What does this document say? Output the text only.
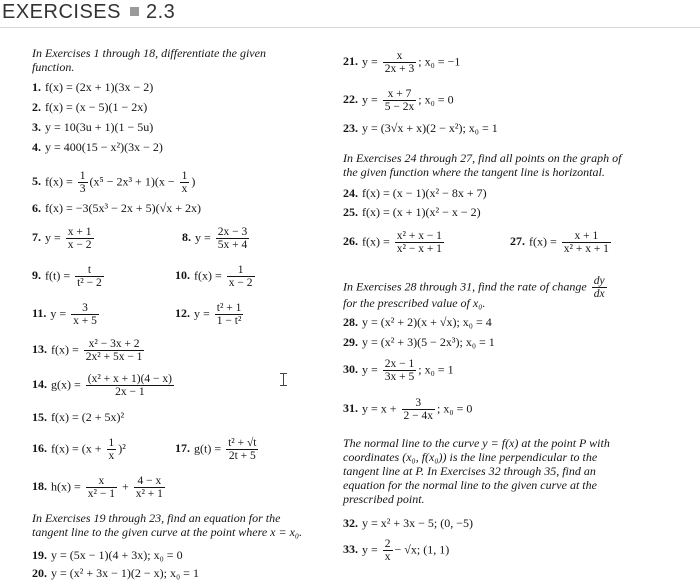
EXERCISES 2.3
In Exercises 1 through 18, differentiate the given function.
1. f(x) = (2x + 1)(3x − 2)
2. f(x) = (x − 5)(1 − 2x)
3. y = 10(3u + 1)(1 − 5u)
4. y = 400(15 − x²)(3x − 2)
5. $f(x) = \frac{1}{3} (x^5 - 2x^3 + 1)(x - \frac{1}{x}$ )
6. f(x) = −3(5x³ − 2x + 5)(√x + 2x)
7. $y = \frac{x + 1}{x - 2}$	8. $y = \frac{2x - 3}{5x + 4}$
9. $f(t) = \frac{t}{\text{t² − 2}}$	10. $f(x) = \frac{1}{x - 2}$
11. $y = \frac{3}{x + 5}$	12. $y = \frac{\text{t² + 1}}{\text{1 − t²}}$
13. $f(x) = \frac{\text{x² − 3x + 2}}{\text{2x² + 5x − 1}}$
14. $g(x) = \frac{\text{(x² + x + 1)(4 − x)}}{2x - 1}$
15. f(x) = (2 + 5x)²
16. $f(x) = (x + \frac{1}{x} )^2$	17. $g(t) = \frac{\text{t² + √t}}{2t + 5}$
18. $h(x) = \frac{x}{\text{x² − 1}} + \frac{4 - x}{\text{x² + 1}}$
In Exercises 19 through 23, find an equation for the tangent line to the given curve at the point where x = x₀.
19. y = (5x − 1)(4 + 3x); x₀ = 0
20. y = (x² + 3x − 1)(2 − x); x₀ = 1
21. $y = \frac{x}{2x + 3}$ ; x₀ = −1
22. $y = \frac{x + 7}{5 - 2x}$ ; x₀ = 0
23. y = (3√x + x)(2 − x²); x₀ = 1
In Exercises 24 through 27, find all points on the graph of the given function where the tangent line is horizontal.
24. f(x) = (x − 1)(x² − 8x + 7)
25. f(x) = (x + 1)(x² − x − 2)
26. $f(x) = \frac{\text{x² + x − 1}}{\text{x² − x + 1}}$	27. $f(x) = \frac{x + 1}{\text{x² + x + 1}}$
In Exercises 28 through 31, find the rate of change $\frac{dy}{dx}$
for the prescribed value of x₀.
28. y = (x² + 2)(x + √x); x₀ = 4
29. y = (x² + 3)(5 − 2x³); x₀ = 1
30. $y = \frac{2x - 1}{3x + 5}$ ; x₀ = 1
31. $y = x + \frac{3}{2 - 4x}$ ; x₀ = 0
The normal line to the curve y = f(x) at the point P with coordinates (x₀, f(x₀)) is the line perpendicular to the tangent line at P. In Exercises 32 through 35, find an equation for the normal line to the given curve at the prescribed point.
32. y = x² + 3x − 5; (0, −5)
33. $y = \frac{2}{x} - √x$; (1, 1)
